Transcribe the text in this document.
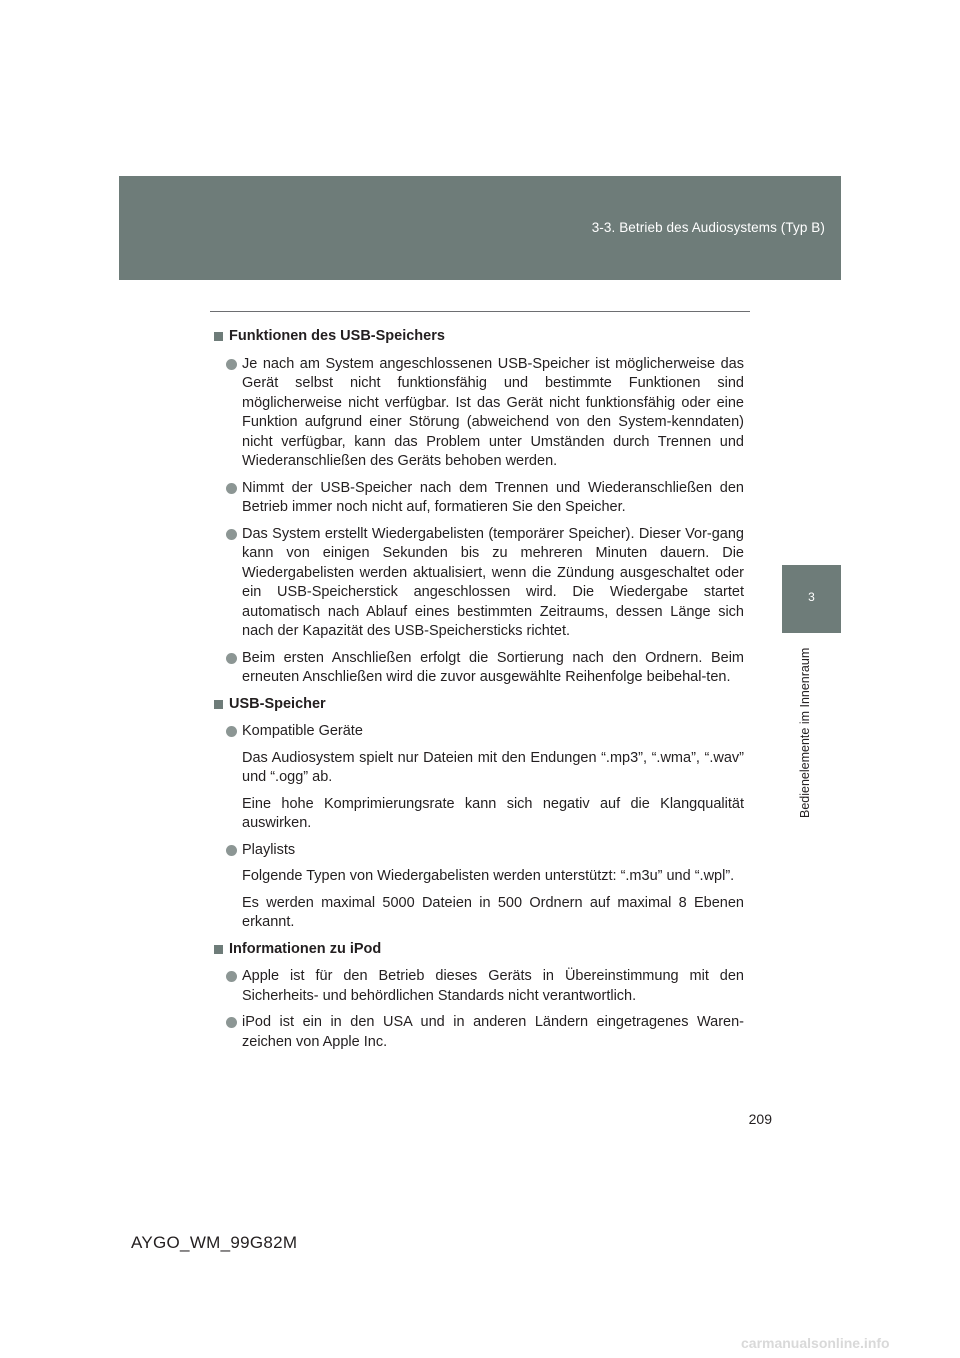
3-3. Betrieb des Audiosystems (Typ B)
3
Bedienelemente im Innenraum
Funktionen des USB-Speichers
Je nach am System angeschlossenen USB-Speicher ist möglicherweise das Gerät selbst nicht funktionsfähig und bestimmte Funktionen sind möglicherweise nicht verfügbar. Ist das Gerät nicht funktionsfähig oder eine Funktion aufgrund einer Störung (abweichend von den System-kenndaten) nicht verfügbar, kann das Problem unter Umständen durch Trennen und Wiederanschließen des Geräts behoben werden.
Nimmt der USB-Speicher nach dem Trennen und Wiederanschließen den Betrieb immer noch nicht auf, formatieren Sie den Speicher.
Das System erstellt Wiedergabelisten (temporärer Speicher). Dieser Vor-gang kann von einigen Sekunden bis zu mehreren Minuten dauern. Die Wiedergabelisten werden aktualisiert, wenn die Zündung ausgeschaltet oder ein USB-Speicherstick angeschlossen wird. Die Wiedergabe startet automatisch nach Ablauf eines bestimmten Zeitraums, dessen Länge sich nach der Kapazität des USB-Speichersticks richtet.
Beim ersten Anschließen erfolgt die Sortierung nach den Ordnern. Beim erneuten Anschließen wird die zuvor ausgewählte Reihenfolge beibehal-ten.
USB-Speicher
Kompatible Geräte
Das Audiosystem spielt nur Dateien mit den Endungen “.mp3”, “.wma”, “.wav” und “.ogg” ab.
Eine hohe Komprimierungsrate kann sich negativ auf die Klangqualität auswirken.
Playlists
Folgende Typen von Wiedergabelisten werden unterstützt: “.m3u” und “.wpl”.
Es werden maximal 5000 Dateien in 500 Ordnern auf maximal 8 Ebenen erkannt.
Informationen zu iPod
Apple ist für den Betrieb dieses Geräts in Übereinstimmung mit den Sicherheits- und behördlichen Standards nicht verantwortlich.
iPod ist ein in den USA und in anderen Ländern eingetragenes Waren-zeichen von Apple Inc.
209
AYGO_WM_99G82M
carmanualsonline.info
